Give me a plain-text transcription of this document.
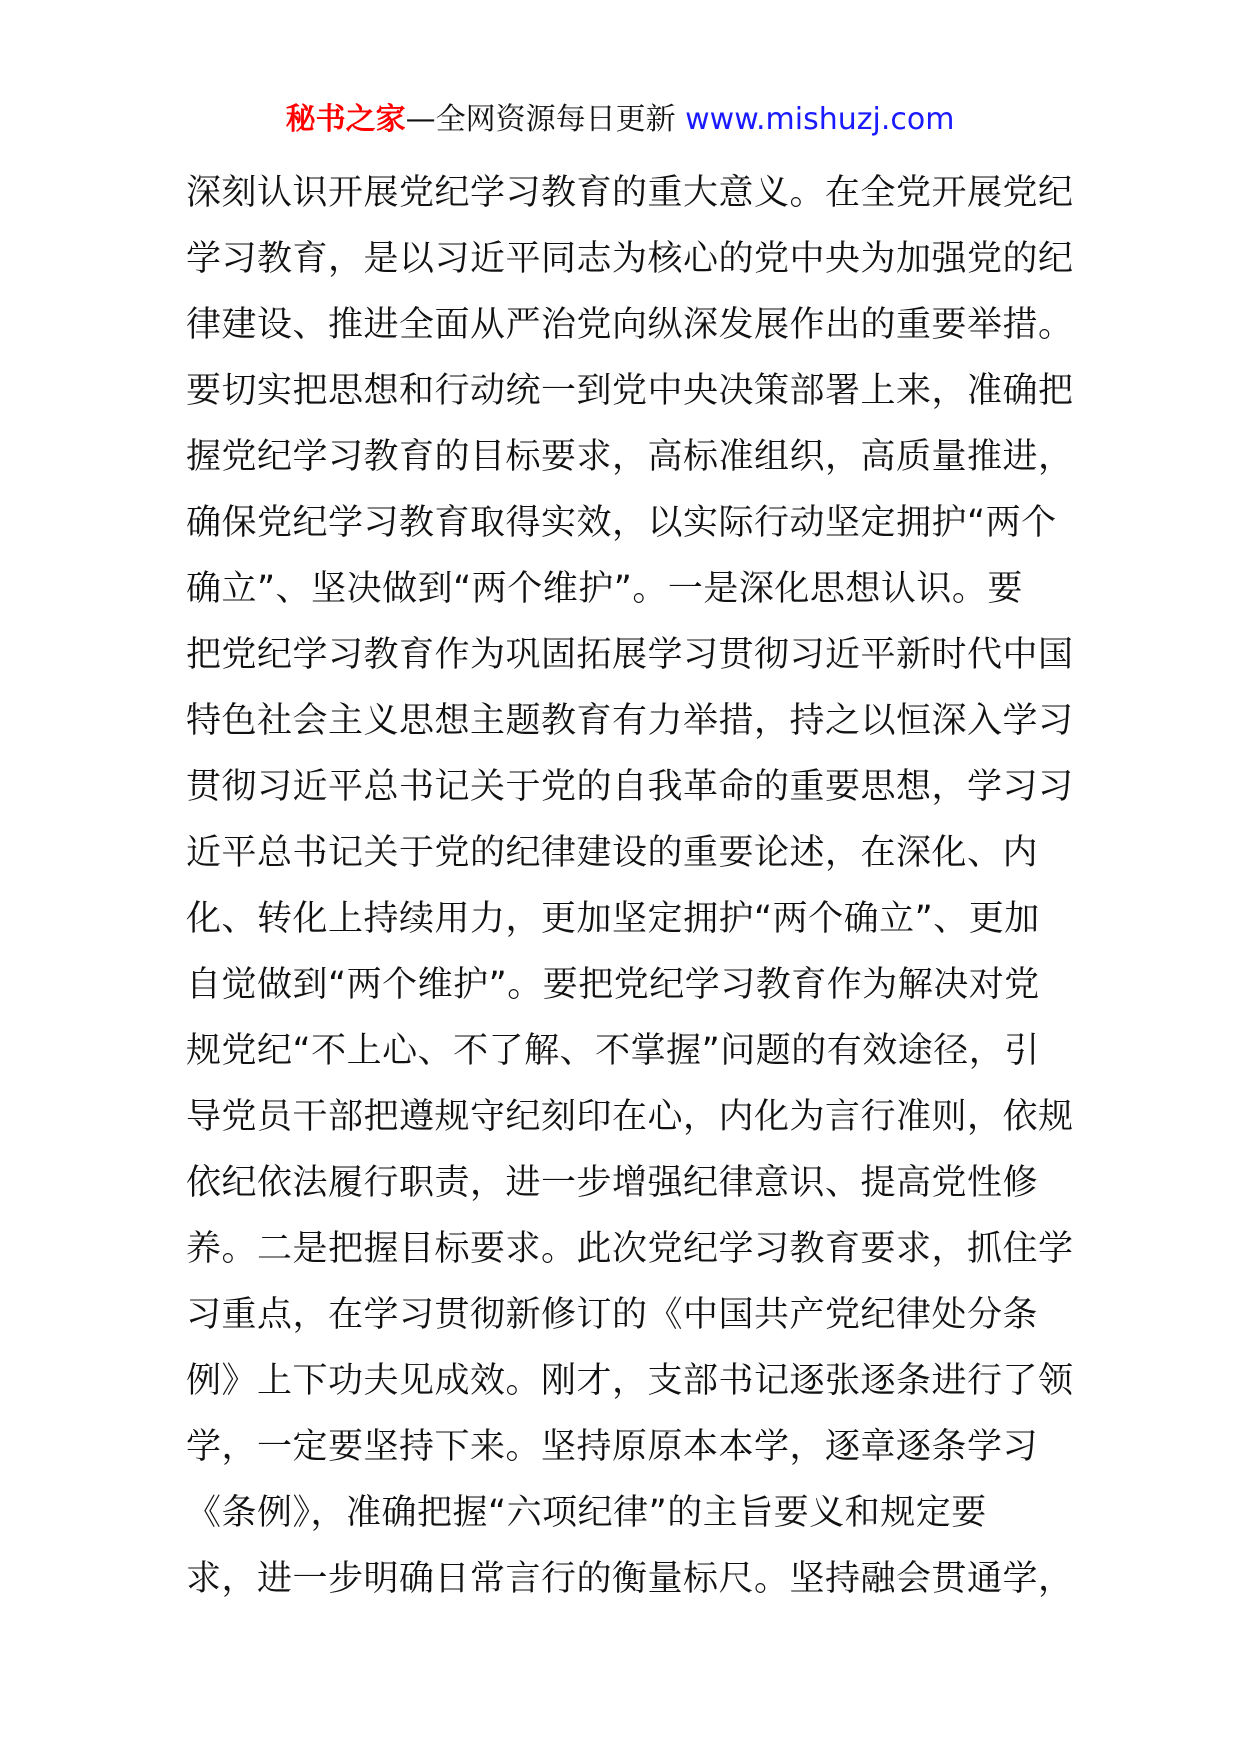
秘书之家—全网资源每日更新 www.mishuzj.com
深刻认识开展党纪学习教育的重大意义。在全党开展党纪
学习教育，是以习近平同志为核心的党中央为加强党的纪
律建设、推进全面从严治党向纵深发展作出的重要举措。
要切实把思想和行动统一到党中央决策部署上来，准确把
握党纪学习教育的目标要求，高标准组织，高质量推进，
确保党纪学习教育取得实效，以实际行动坚定拥护“两个
确立”、坚决做到“两个维护”。一是深化思想认识。要
把党纪学习教育作为巩固拓展学习贯彻习近平新时代中国
特色社会主义思想主题教育有力举措，持之以恒深入学习
贯彻习近平总书记关于党的自我革命的重要思想，学习习
近平总书记关于党的纪律建设的重要论述，在深化、内
化、转化上持续用力，更加坚定拥护“两个确立”、更加
自觉做到“两个维护”。要把党纪学习教育作为解决对党
规党纪“不上心、不了解、不掌握”问题的有效途径，引
导党员干部把遵规守纪刻印在心，内化为言行准则，依规
依纪依法履行职责，进一步增强纪律意识、提高党性修
养。二是把握目标要求。此次党纪学习教育要求，抓住学
习重点，在学习贯彻新修订的《中国共产党纪律处分条
例》上下功夫见成效。刚才，支部书记逐张逐条进行了领
学，一定要坚持下来。坚持原原本本学，逐章逐条学习
《条例》，准确把握“六项纪律”的主旨要义和规定要
求，进一步明确日常言行的衡量标尺。坚持融会贯通学，
